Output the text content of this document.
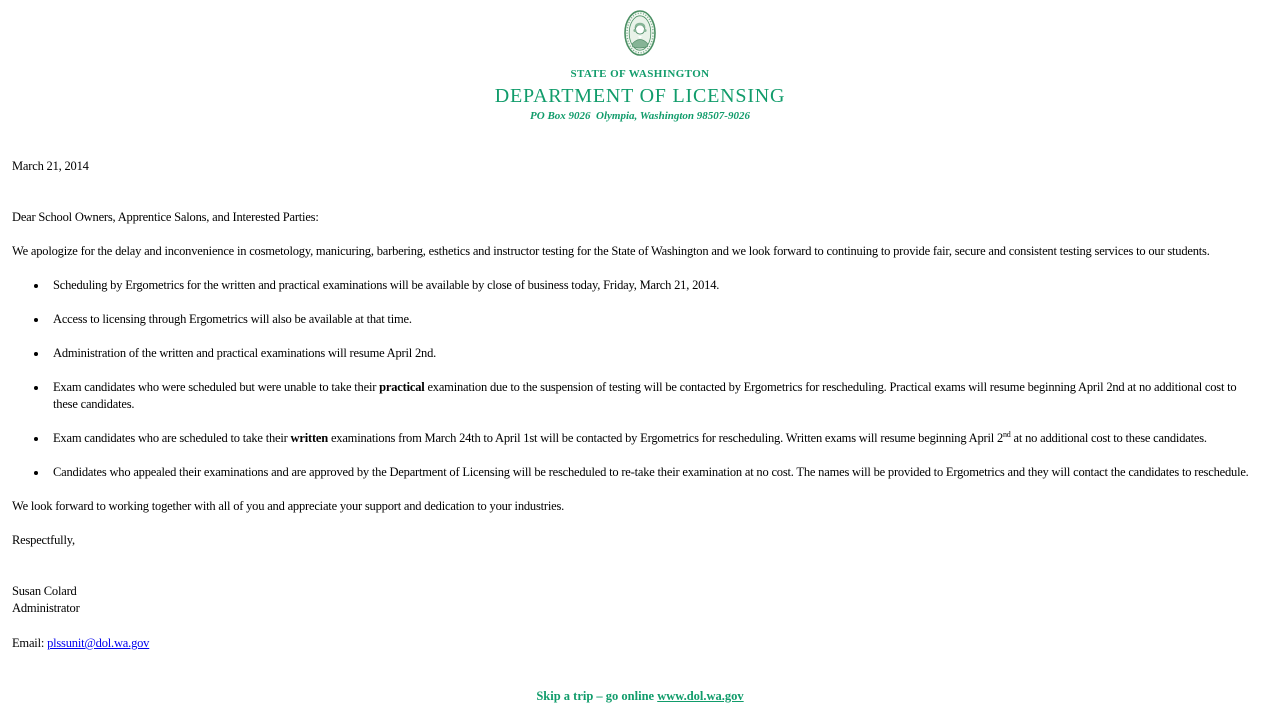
STATE OF WASHINGTON
DEPARTMENT OF LICENSING
PO Box 9026  Olympia, Washington 98507-9026
March 21, 2014
Dear School Owners, Apprentice Salons, and Interested Parties:
We apologize for the delay and inconvenience in cosmetology, manicuring, barbering, esthetics and instructor testing for the State of Washington and we look forward to continuing to provide fair, secure and consistent testing services to our students.
• Scheduling by Ergometrics for the written and practical examinations will be available by close of business today, Friday, March 21, 2014.
• Access to licensing through Ergometrics will also be available at that time.
• Administration of the written and practical examinations will resume April 2nd.
• Exam candidates who were scheduled but were unable to take their practical examination due to the suspension of testing will be contacted by Ergometrics for rescheduling. Practical exams will resume beginning April 2nd at no additional cost to these candidates.
• Exam candidates who are scheduled to take their written examinations from March 24th to April 1st will be contacted by Ergometrics for rescheduling. Written exams will resume beginning April 2nd at no additional cost to these candidates.
• Candidates who appealed their examinations and are approved by the Department of Licensing will be rescheduled to re-take their examination at no cost. The names will be provided to Ergometrics and they will contact the candidates to reschedule.
We look forward to working together with all of you and appreciate your support and dedication to your industries.
Respectfully,
Susan Colard
Administrator
Email: plssunit@dol.wa.gov
Skip a trip – go online www.dol.wa.gov
